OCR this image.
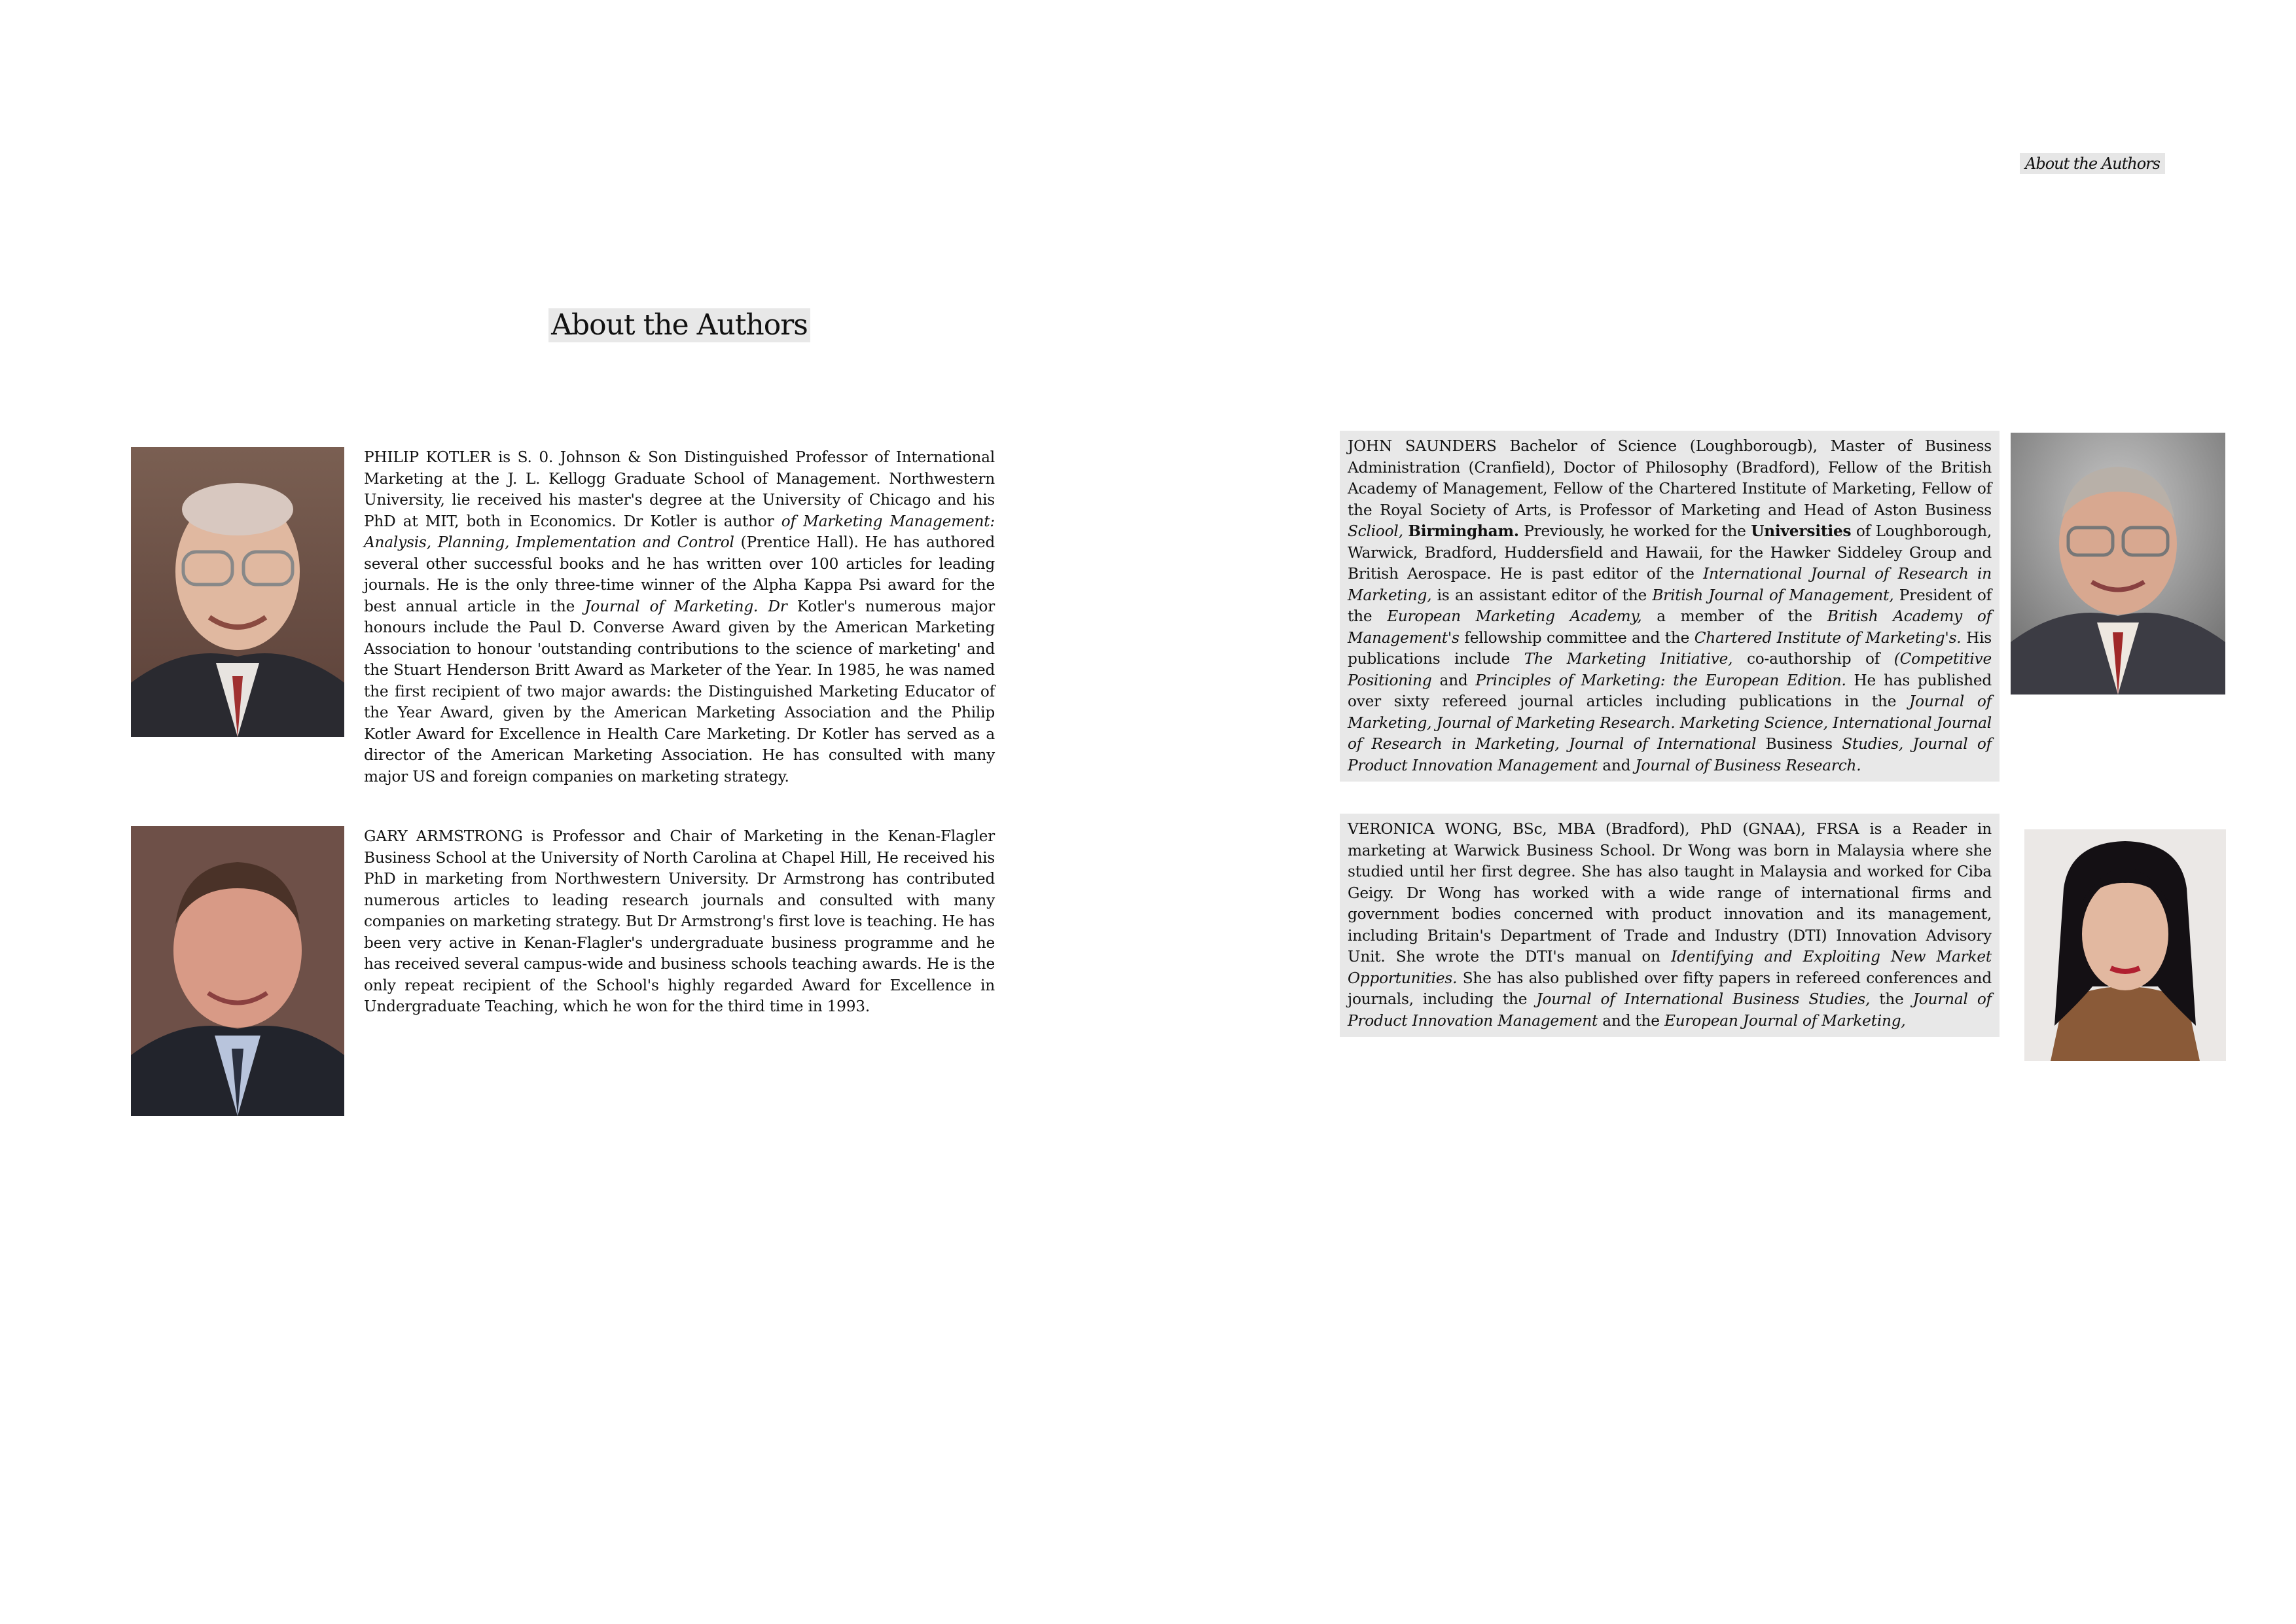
About the Authors
About the Authors
PHILIP KOTLER is S. 0. Johnson & Son Distinguished Professor of International Marketing at the J. L. Kellogg Graduate School of Management. Northwestern University, lie received his master's degree at the University of Chicago and his PhD at MIT, both in Economics. Dr Kotler is author of Marketing Management: Analysis, Planning, Implementation and Control (Prentice Hall). He has authored several other successful books and he has written over 100 articles for leading journals. He is the only three-time winner of the Alpha Kappa Psi award for the best annual article in the Journal of Marketing. Dr Kotler's numerous major honours include the Paul D. Converse Award given by the American Marketing Association to honour 'outstanding contributions to the science of marketing' and the Stuart Henderson Britt Award as Marketer of the Year. In 1985, he was named the first recipient of two major awards: the Distinguished Marketing Educator of the Year Award, given by the American Marketing Association and the Philip Kotler Award for Excellence in Health Care Marketing. Dr Kotler has served as a director of the American Marketing Association. He has consulted with many major US and foreign companies on marketing strategy.
GARY ARMSTRONG is Professor and Chair of Marketing in the Kenan-Flagler Business School at the University of North Carolina at Chapel Hill, He received his PhD in marketing from Northwestern University. Dr Armstrong has contributed numerous articles to leading research journals and consulted with many companies on marketing strategy. But Dr Armstrong's first love is teaching. He has been very active in Kenan-Flagler's undergraduate business programme and he has received several campus-wide and business schools teaching awards. He is the only repeat recipient of the School's highly regarded Award for Excellence in Undergraduate Teaching, which he won for the third time in 1993.
JOHN SAUNDERS Bachelor of Science (Loughborougb), Master of Business Administration (Cranfield), Doctor of Philosophy (Bradford), Fellow of the British Academy of Management, Fellow of the Chartered Institute of Marketing, Fellow of the Royal Society of Arts, is Professor of Marketing and Head of Aston Business Scliool, Birmingham. Previously, he worked for the Universities of Loughborough, Warwick, Bradford, Huddersfield and Hawaii, for the Hawker Siddeley Group and British Aerospace. He is past editor of the International Journal of Research in Marketing, is an assistant editor of the British Journal of Management, President of the European Marketing Academy, a member of the British Academy of Management's fellowship committee and the Chartered Institute of Marketing's. His publications include The Marketing Initiative, co-authorship of (Competitive Positioning and Principles of Marketing: the European Edition. He has published over sixty refereed journal articles including publications in the Journal of Marketing, Journal of Marketing Research. Marketing Science, International Journal of Research in Marketing, Journal of International Business Studies, Journal of Product Innovation Management and Journal of Business Research.
VERONICA WONG, BSc, MBA (Bradford), PhD (GNAA), FRSA is a Reader in marketing at Warwick Business School. Dr Wong was born in Malaysia where she studied until her first degree. She has also taught in Malaysia and worked for Ciba Geigy. Dr Wong has worked with a wide range of international firms and government bodies concerned with product innovation and its management, including Britain's Department of Trade and Industry (DTI) Innovation Advisory Unit. She wrote the DTI's manual on Identifying and Exploiting New Market Opportunities. She has also published over fifty papers in refereed conferences and journals, including the Journal of International Business Studies, the Journal of Product Innovation Management and the European Journal of Marketing,
